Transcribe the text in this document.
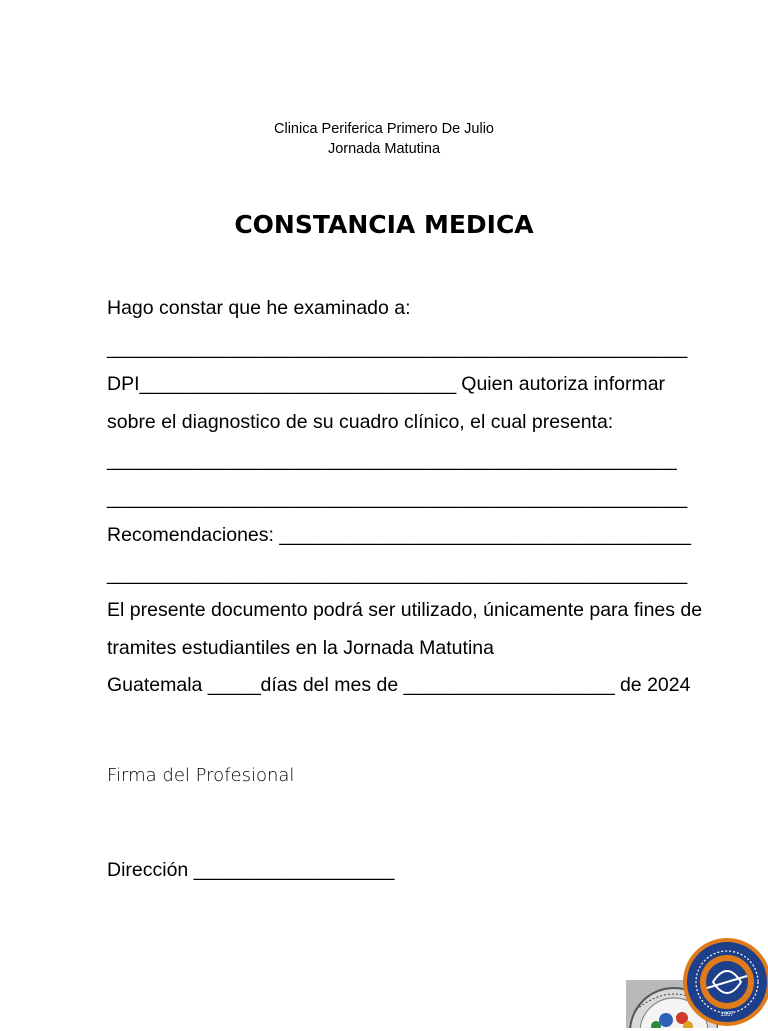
Clinica Periferica Primero De Julio
Jornada Matutina
CONSTANCIA MEDICA
Hago constar que he examinado a:
_______________________________________________________
DPI______________________________ Quien autoriza informar
sobre el diagnostico de su cuadro clínico, el cual presenta:
______________________________________________________
_______________________________________________________
Recomendaciones: _______________________________________
_______________________________________________________
El presente documento podrá ser utilizado, únicamente para fines de
tramites estudiantiles en la Jornada Matutina
Guatemala _____días del mes de ____________________ de 2024
Firma del Profesional
Dirección ___________________
1957
